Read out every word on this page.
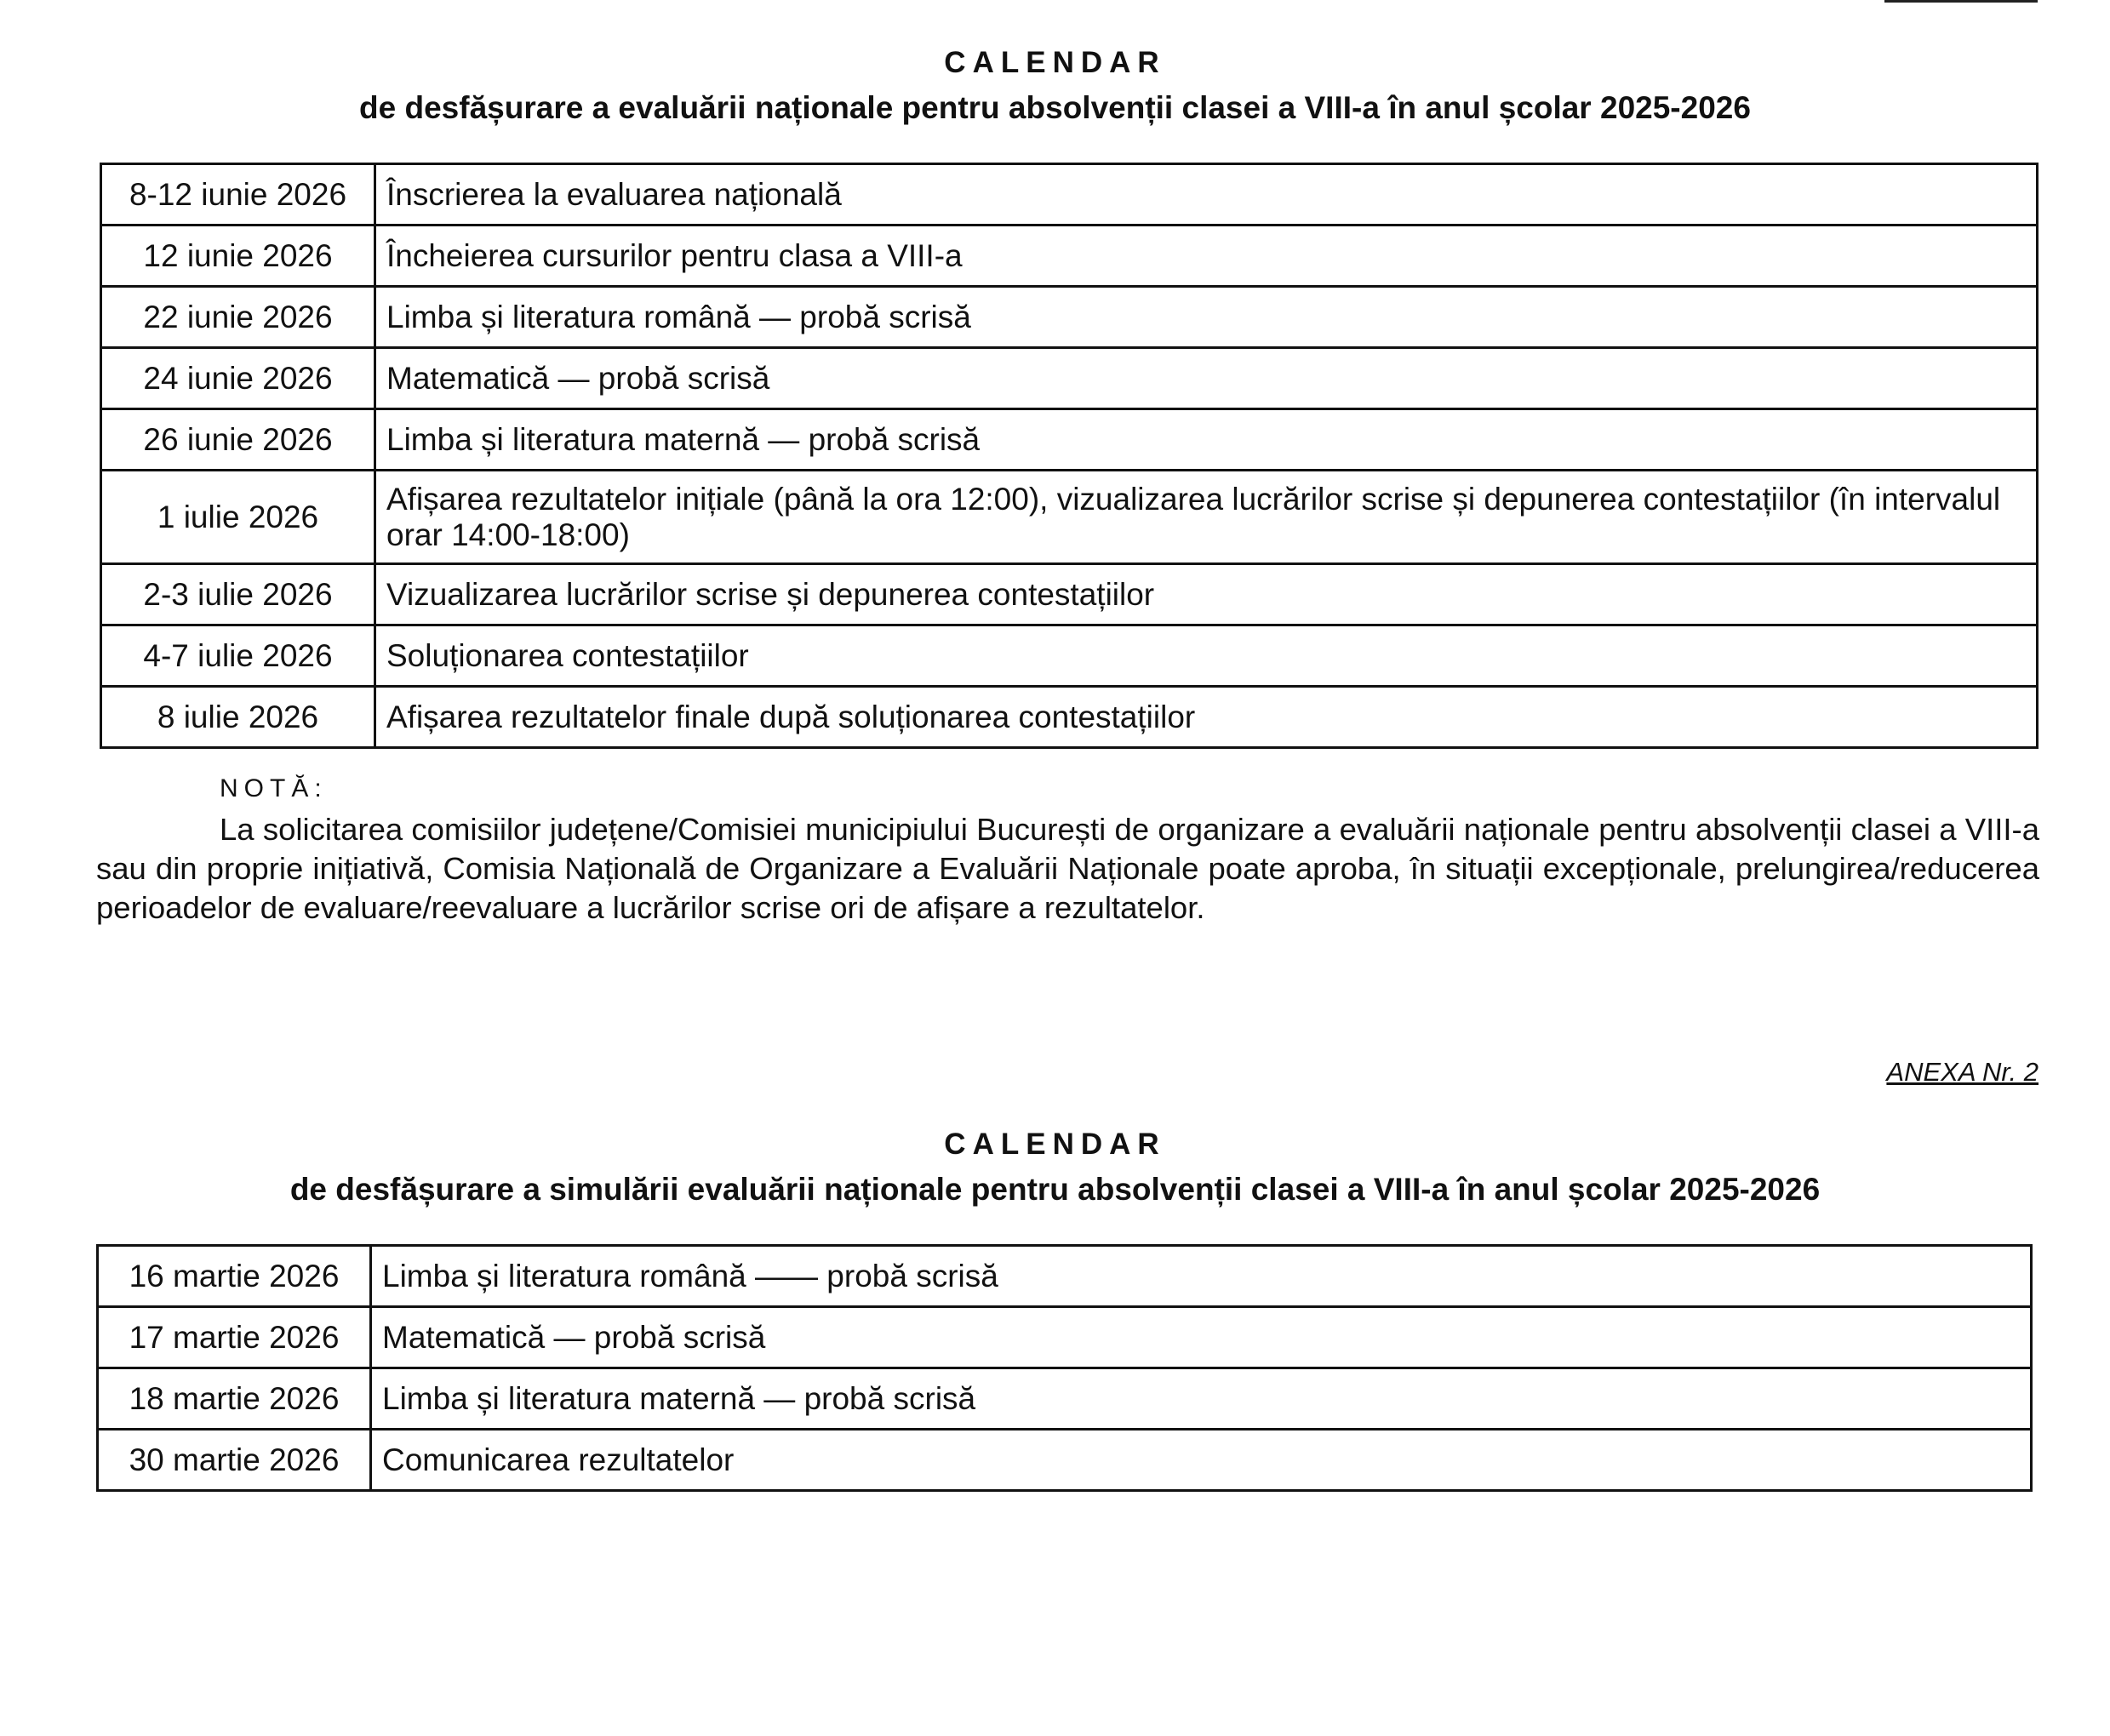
CALENDAR
de desfășurare a evaluării naționale pentru absolvenții clasei a VIII-a în anul școlar 2025-2026
8-12 iunie 2026	Înscrierea la evaluarea națională
12 iunie 2026	Încheierea cursurilor pentru clasa a VIII-a
22 iunie 2026	Limba și literatura română — probă scrisă
24 iunie 2026	Matematică — probă scrisă
26 iunie 2026	Limba și literatura maternă — probă scrisă
1 iulie 2026	Afișarea rezultatelor inițiale (până la ora 12:00), vizualizarea lucrărilor scrise și depunerea contestațiilor (în intervalul orar 14:00-18:00)
2-3 iulie 2026	Vizualizarea lucrărilor scrise și depunerea contestațiilor
4-7 iulie 2026	Soluționarea contestațiilor
8 iulie 2026	Afișarea rezultatelor finale după soluționarea contestațiilor
NOTĂ:

La solicitarea comisiilor județene/Comisiei municipiului București de organizare a evaluării naționale pentru absolvenții clasei a VIII-a sau din proprie inițiativă, Comisia Națională de Organizare a Evaluării Naționale poate aproba, în situații excepționale, prelungirea/reducerea perioadelor de evaluare/reevaluare a lucrărilor scrise ori de afișare a rezultatelor.

ANEXA Nr. 2
CALENDAR
de desfășurare a simulării evaluării naționale pentru absolvenții clasei a VIII-a în anul școlar 2025-2026
16 martie 2026	Limba și literatura română —— probă scrisă
17 martie 2026	Matematică — probă scrisă
18 martie 2026	Limba și literatura maternă — probă scrisă
30 martie 2026	Comunicarea rezultatelor
